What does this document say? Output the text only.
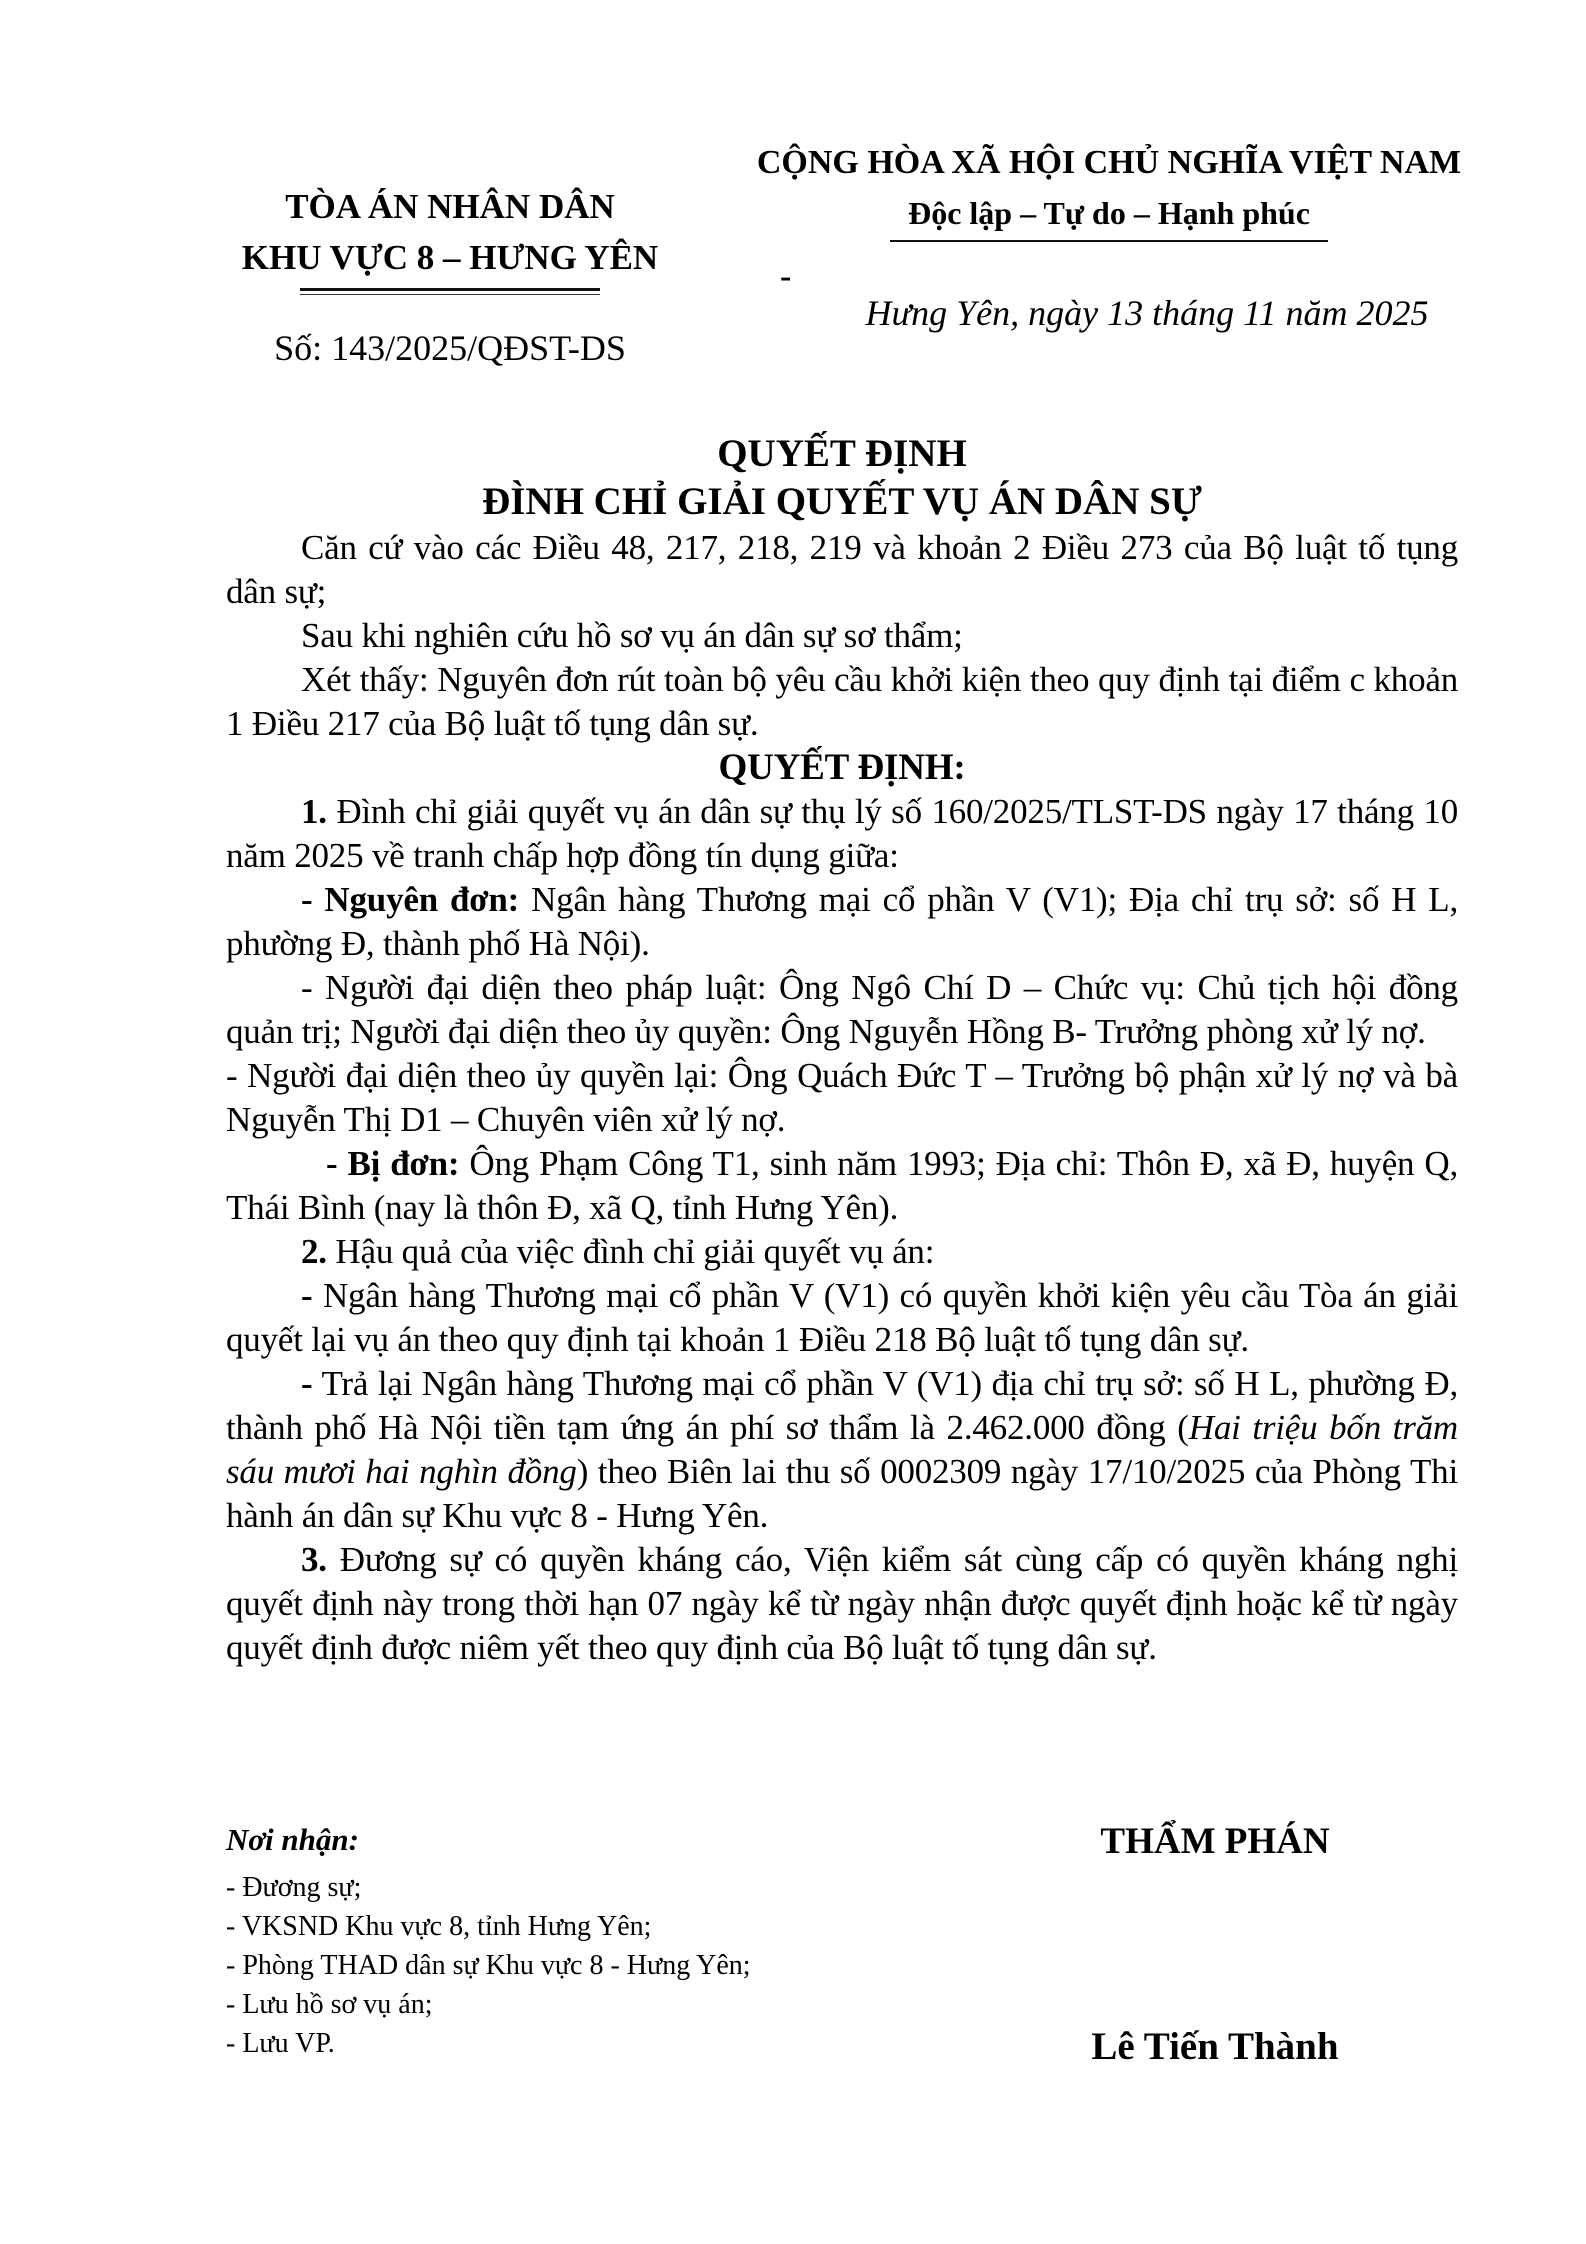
TÒA ÁN NHÂN DÂN
KHU VỰC 8 – HƯNG YÊN
Số: 143/2025/QĐST-DS
CỘNG HÒA XÃ HỘI CHỦ NGHĨA VIỆT NAM
Độc lập – Tự do – Hạnh phúc
Hưng Yên, ngày 13 tháng 11 năm 2025
-
QUYẾT ĐỊNH
ĐÌNH CHỈ GIẢI QUYẾT VỤ ÁN DÂN SỰ

Căn cứ vào các Điều 48, 217, 218, 219 và khoản 2 Điều 273 của Bộ luật tố tụng dân sự;

Sau khi nghiên cứu hồ sơ vụ án dân sự sơ thẩm;

Xét thấy: Nguyên đơn rút toàn bộ yêu cầu khởi kiện theo quy định tại điểm c khoản 1 Điều 217 của Bộ luật tố tụng dân sự.

QUYẾT ĐỊNH:

1. Đình chỉ giải quyết vụ án dân sự thụ lý số 160/2025/TLST-DS ngày 17 tháng 10 năm 2025 về tranh chấp hợp đồng tín dụng giữa:

- Nguyên đơn: Ngân hàng Thương mại cổ phần V (V1); Địa chỉ trụ sở: số H L, phường Đ, thành phố Hà Nội).

- Người đại diện theo pháp luật: Ông Ngô Chí D – Chức vụ: Chủ tịch hội đồng quản trị; Người đại diện theo ủy quyền: Ông Nguyễn Hồng B- Trưởng phòng xử lý nợ.

- Người đại diện theo ủy quyền lại: Ông Quách Đức T – Trưởng bộ phận xử lý nợ và bà Nguyễn Thị D1 – Chuyên viên xử lý nợ.

- Bị đơn: Ông Phạm Công T1, sinh năm 1993; Địa chỉ: Thôn Đ, xã Đ, huyện Q, Thái Bình (nay là thôn Đ, xã Q, tỉnh Hưng Yên).

2. Hậu quả của việc đình chỉ giải quyết vụ án:

- Ngân hàng Thương mại cổ phần V (V1) có quyền khởi kiện yêu cầu Tòa án giải quyết lại vụ án theo quy định tại khoản 1 Điều 218 Bộ luật tố tụng dân sự.

- Trả lại Ngân hàng Thương mại cổ phần V (V1) địa chỉ trụ sở: số H L, phường Đ, thành phố Hà Nội tiền tạm ứng án phí sơ thẩm là 2.462.000 đồng (Hai triệu bốn trăm sáu mươi hai nghìn đồng) theo Biên lai thu số 0002309 ngày 17/10/2025 của Phòng Thi hành án dân sự Khu vực 8 - Hưng Yên.

3. Đương sự có quyền kháng cáo, Viện kiểm sát cùng cấp có quyền kháng nghị quyết định này trong thời hạn 07 ngày kể từ ngày nhận được quyết định hoặc kể từ ngày quyết định được niêm yết theo quy định của Bộ luật tố tụng dân sự.

Nơi nhận:
- Đương sự;
- VKSND Khu vực 8, tỉnh Hưng Yên;
- Phòng THAD dân sự Khu vực 8 - Hưng Yên;
- Lưu hồ sơ vụ án;
- Lưu VP.
THẨM PHÁN
Lê Tiến Thành
